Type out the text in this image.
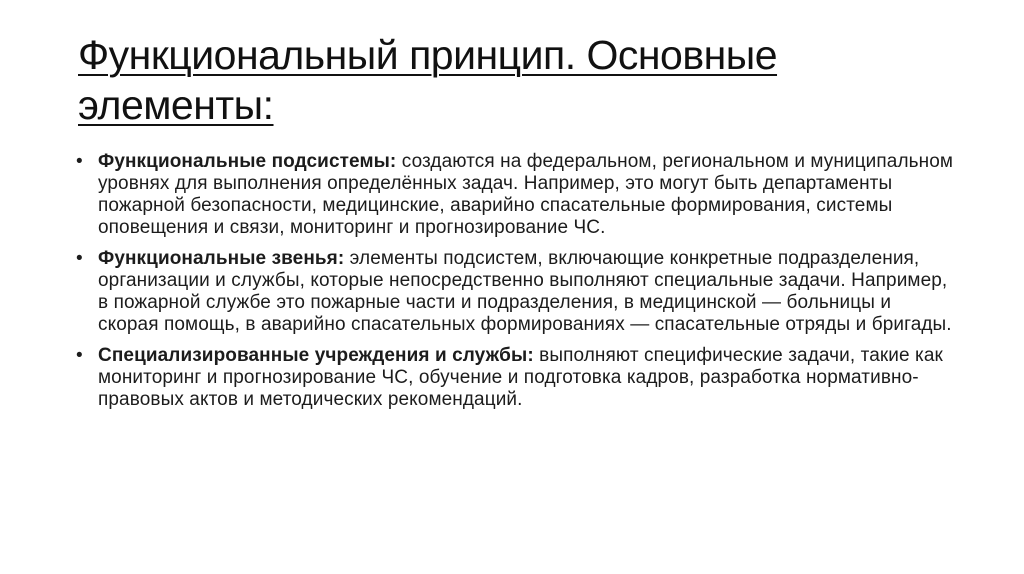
Функциональный принцип. Основные элементы:
• Функциональные подсистемы: создаются на федеральном, региональном и муниципальном уровнях для выполнения определённых задач. Например, это могут быть департаменты пожарной безопасности, медицинские, аварийно спасательные формирования, системы оповещения и связи, мониторинг и прогнозирование ЧС.
• Функциональные звенья: элементы подсистем, включающие конкретные подразделения, организации и службы, которые непосредственно выполняют специальные задачи. Например, в пожарной службе это пожарные части и подразделения, в медицинской — больницы и скорая помощь, в аварийно спасательных формированиях — спасательные отряды и бригады.
• Специализированные учреждения и службы: выполняют специфические задачи, такие как мониторинг и прогнозирование ЧС, обучение и подготовка кадров, разработка нормативно-правовых актов и методических рекомендаций.
